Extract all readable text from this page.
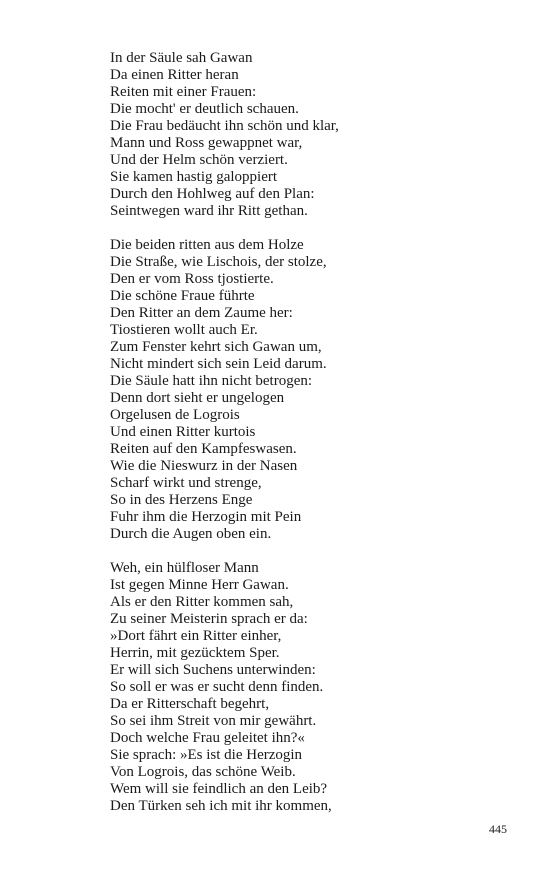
In der Säule sah Gawan
Da einen Ritter heran
Reiten mit einer Frauen:
Die mocht' er deutlich schauen.
Die Frau bedäucht ihn schön und klar,
Mann und Ross gewappnet war,
Und der Helm schön verziert.
Sie kamen hastig galoppiert
Durch den Hohlweg auf den Plan:
Seintwegen ward ihr Ritt gethan.
Die beiden ritten aus dem Holze
Die Straße, wie Lischois, der stolze,
Den er vom Ross tjostierte.
Die schöne Fraue führte
Den Ritter an dem Zaume her:
Tiostieren wollt auch Er.
Zum Fenster kehrt sich Gawan um,
Nicht mindert sich sein Leid darum.
Die Säule hatt ihn nicht betrogen:
Denn dort sieht er ungelogen
Orgelusen de Logrois
Und einen Ritter kurtois
Reiten auf den Kampfeswasen.
Wie die Nieswurz in der Nasen
Scharf wirkt und strenge,
So in des Herzens Enge
Fuhr ihm die Herzogin mit Pein
Durch die Augen oben ein.
Weh, ein hülfloser Mann
Ist gegen Minne Herr Gawan.
Als er den Ritter kommen sah,
Zu seiner Meisterin sprach er da:
»Dort fährt ein Ritter einher,
Herrin, mit gezücktem Sper.
Er will sich Suchens unterwinden:
So soll er was er sucht denn finden.
Da er Ritterschaft begehrt,
So sei ihm Streit von mir gewährt.
Doch welche Frau geleitet ihn?«
Sie sprach: »Es ist die Herzogin
Von Logrois, das schöne Weib.
Wem will sie feindlich an den Leib?
Den Türken seh ich mit ihr kommen,
445
